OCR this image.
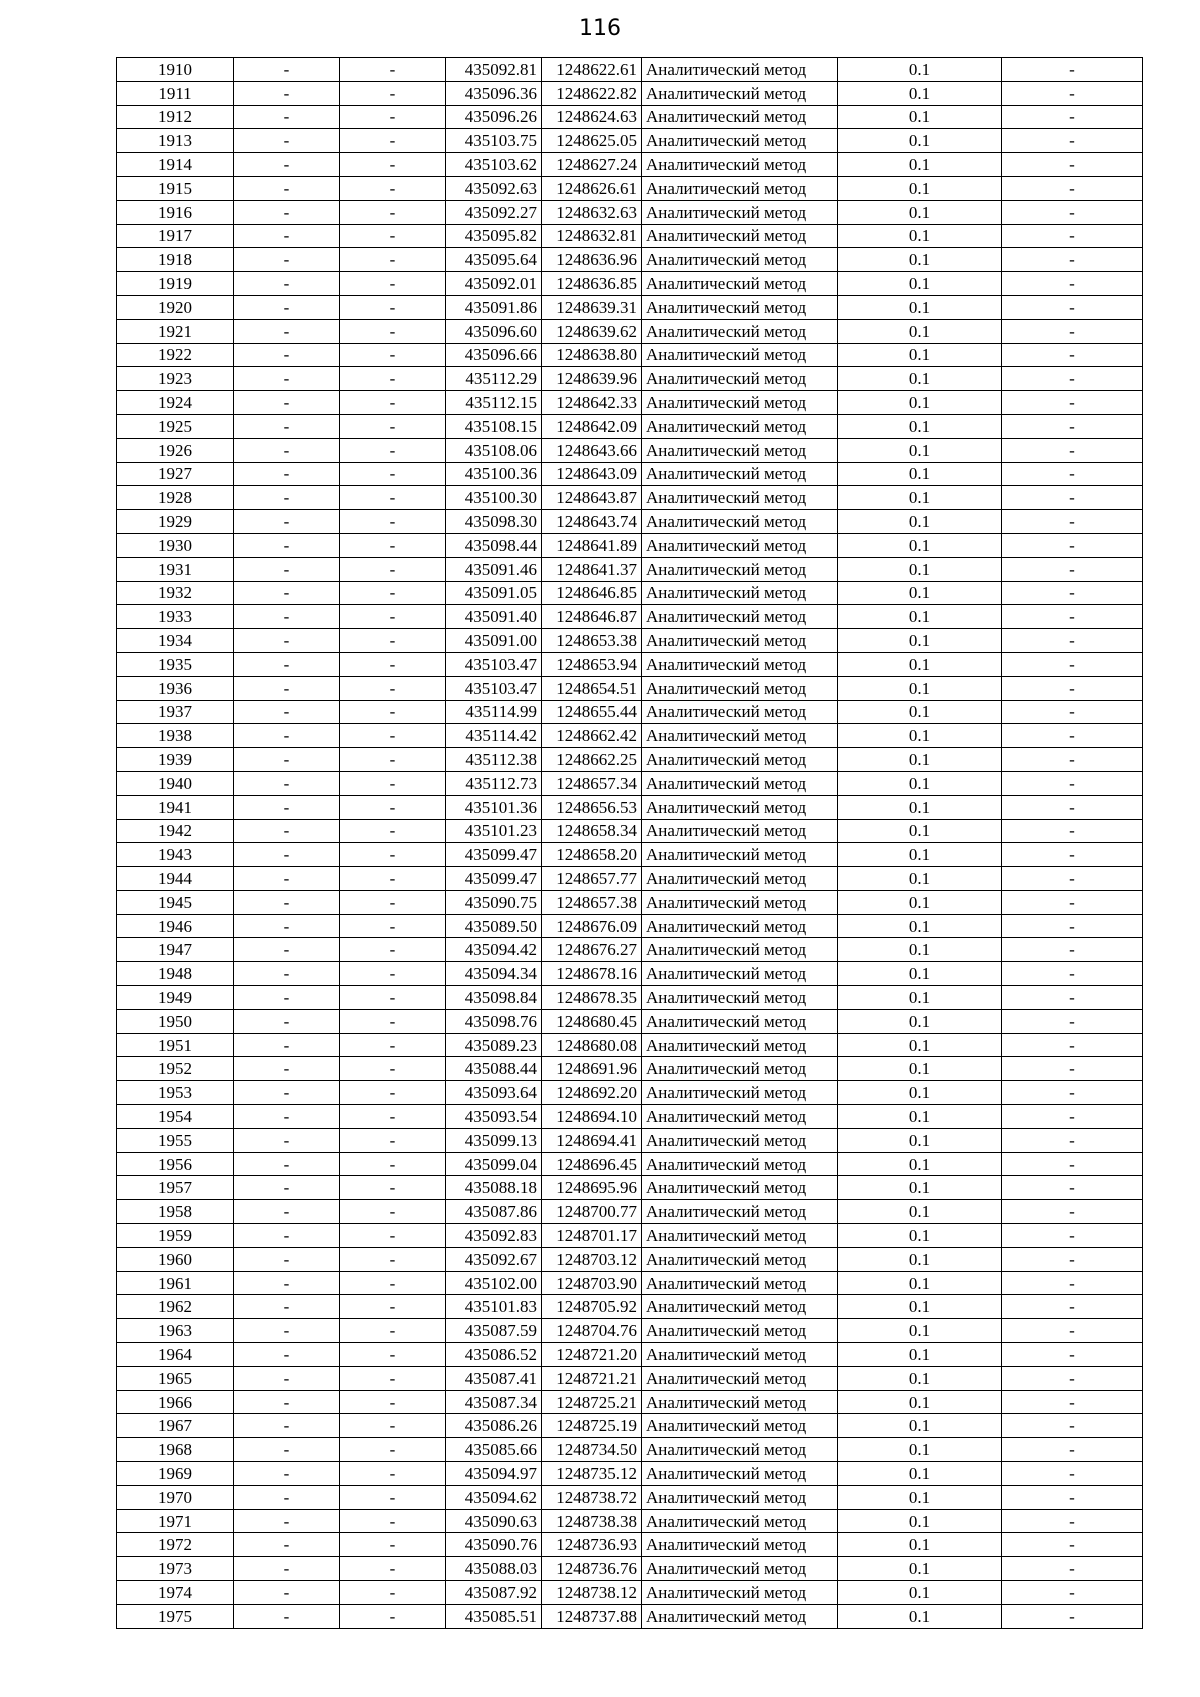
116
1910	-	-	435092.81	1248622.61	Аналитический метод	0.1	-
1911	-	-	435096.36	1248622.82	Аналитический метод	0.1	-
1912	-	-	435096.26	1248624.63	Аналитический метод	0.1	-
1913	-	-	435103.75	1248625.05	Аналитический метод	0.1	-
1914	-	-	435103.62	1248627.24	Аналитический метод	0.1	-
1915	-	-	435092.63	1248626.61	Аналитический метод	0.1	-
1916	-	-	435092.27	1248632.63	Аналитический метод	0.1	-
1917	-	-	435095.82	1248632.81	Аналитический метод	0.1	-
1918	-	-	435095.64	1248636.96	Аналитический метод	0.1	-
1919	-	-	435092.01	1248636.85	Аналитический метод	0.1	-
1920	-	-	435091.86	1248639.31	Аналитический метод	0.1	-
1921	-	-	435096.60	1248639.62	Аналитический метод	0.1	-
1922	-	-	435096.66	1248638.80	Аналитический метод	0.1	-
1923	-	-	435112.29	1248639.96	Аналитический метод	0.1	-
1924	-	-	435112.15	1248642.33	Аналитический метод	0.1	-
1925	-	-	435108.15	1248642.09	Аналитический метод	0.1	-
1926	-	-	435108.06	1248643.66	Аналитический метод	0.1	-
1927	-	-	435100.36	1248643.09	Аналитический метод	0.1	-
1928	-	-	435100.30	1248643.87	Аналитический метод	0.1	-
1929	-	-	435098.30	1248643.74	Аналитический метод	0.1	-
1930	-	-	435098.44	1248641.89	Аналитический метод	0.1	-
1931	-	-	435091.46	1248641.37	Аналитический метод	0.1	-
1932	-	-	435091.05	1248646.85	Аналитический метод	0.1	-
1933	-	-	435091.40	1248646.87	Аналитический метод	0.1	-
1934	-	-	435091.00	1248653.38	Аналитический метод	0.1	-
1935	-	-	435103.47	1248653.94	Аналитический метод	0.1	-
1936	-	-	435103.47	1248654.51	Аналитический метод	0.1	-
1937	-	-	435114.99	1248655.44	Аналитический метод	0.1	-
1938	-	-	435114.42	1248662.42	Аналитический метод	0.1	-
1939	-	-	435112.38	1248662.25	Аналитический метод	0.1	-
1940	-	-	435112.73	1248657.34	Аналитический метод	0.1	-
1941	-	-	435101.36	1248656.53	Аналитический метод	0.1	-
1942	-	-	435101.23	1248658.34	Аналитический метод	0.1	-
1943	-	-	435099.47	1248658.20	Аналитический метод	0.1	-
1944	-	-	435099.47	1248657.77	Аналитический метод	0.1	-
1945	-	-	435090.75	1248657.38	Аналитический метод	0.1	-
1946	-	-	435089.50	1248676.09	Аналитический метод	0.1	-
1947	-	-	435094.42	1248676.27	Аналитический метод	0.1	-
1948	-	-	435094.34	1248678.16	Аналитический метод	0.1	-
1949	-	-	435098.84	1248678.35	Аналитический метод	0.1	-
1950	-	-	435098.76	1248680.45	Аналитический метод	0.1	-
1951	-	-	435089.23	1248680.08	Аналитический метод	0.1	-
1952	-	-	435088.44	1248691.96	Аналитический метод	0.1	-
1953	-	-	435093.64	1248692.20	Аналитический метод	0.1	-
1954	-	-	435093.54	1248694.10	Аналитический метод	0.1	-
1955	-	-	435099.13	1248694.41	Аналитический метод	0.1	-
1956	-	-	435099.04	1248696.45	Аналитический метод	0.1	-
1957	-	-	435088.18	1248695.96	Аналитический метод	0.1	-
1958	-	-	435087.86	1248700.77	Аналитический метод	0.1	-
1959	-	-	435092.83	1248701.17	Аналитический метод	0.1	-
1960	-	-	435092.67	1248703.12	Аналитический метод	0.1	-
1961	-	-	435102.00	1248703.90	Аналитический метод	0.1	-
1962	-	-	435101.83	1248705.92	Аналитический метод	0.1	-
1963	-	-	435087.59	1248704.76	Аналитический метод	0.1	-
1964	-	-	435086.52	1248721.20	Аналитический метод	0.1	-
1965	-	-	435087.41	1248721.21	Аналитический метод	0.1	-
1966	-	-	435087.34	1248725.21	Аналитический метод	0.1	-
1967	-	-	435086.26	1248725.19	Аналитический метод	0.1	-
1968	-	-	435085.66	1248734.50	Аналитический метод	0.1	-
1969	-	-	435094.97	1248735.12	Аналитический метод	0.1	-
1970	-	-	435094.62	1248738.72	Аналитический метод	0.1	-
1971	-	-	435090.63	1248738.38	Аналитический метод	0.1	-
1972	-	-	435090.76	1248736.93	Аналитический метод	0.1	-
1973	-	-	435088.03	1248736.76	Аналитический метод	0.1	-
1974	-	-	435087.92	1248738.12	Аналитический метод	0.1	-
1975	-	-	435085.51	1248737.88	Аналитический метод	0.1	-
